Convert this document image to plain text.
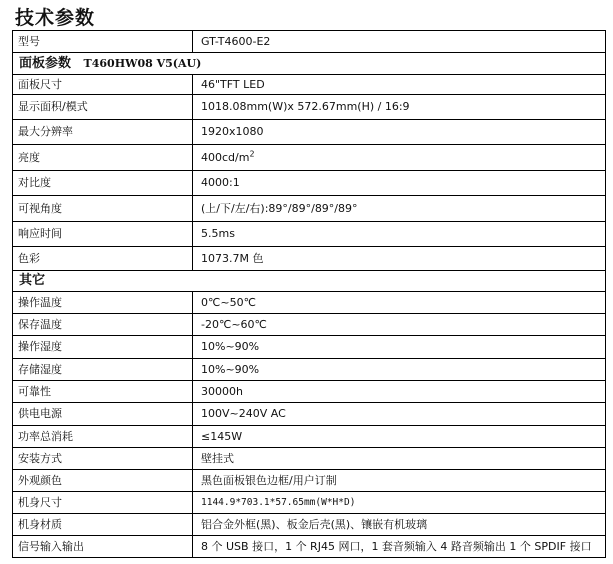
技术参数
型号	GT-T4600-E2
面板参数 T460HW08 V5(AU)	
面板尺寸	46"TFT LED
显示面积/模式	1018.08mm(W)x 572.67mm(H) / 16:9
最大分辨率	1920x1080
亮度	$400cd/m^2$
对比度	4000:1
可视角度	(上/下/左/右):89°/89°/89°/89°
响应时间	5.5ms
色彩	1073.7M 色
其它	
操作温度	0℃~50℃
保存温度	-20℃~60℃
操作湿度	10%~90%
存储湿度	10%~90%
可靠性	30000h
供电电源	100V~240V AC
功率总消耗	≤145W
安装方式	壁挂式
外观颜色	黑色面板银色边框/用户订制
机身尺寸	1144.9*703.1*57.65mm(W*H*D)
机身材质	铝合金外框(黑)、板金后壳(黑)、镶嵌有机玻璃
信号输入输出	8 个 USB 接口，1 个 RJ45 网口，1 套音频输入 4 路音频输出 1 个 SPDIF 接口
